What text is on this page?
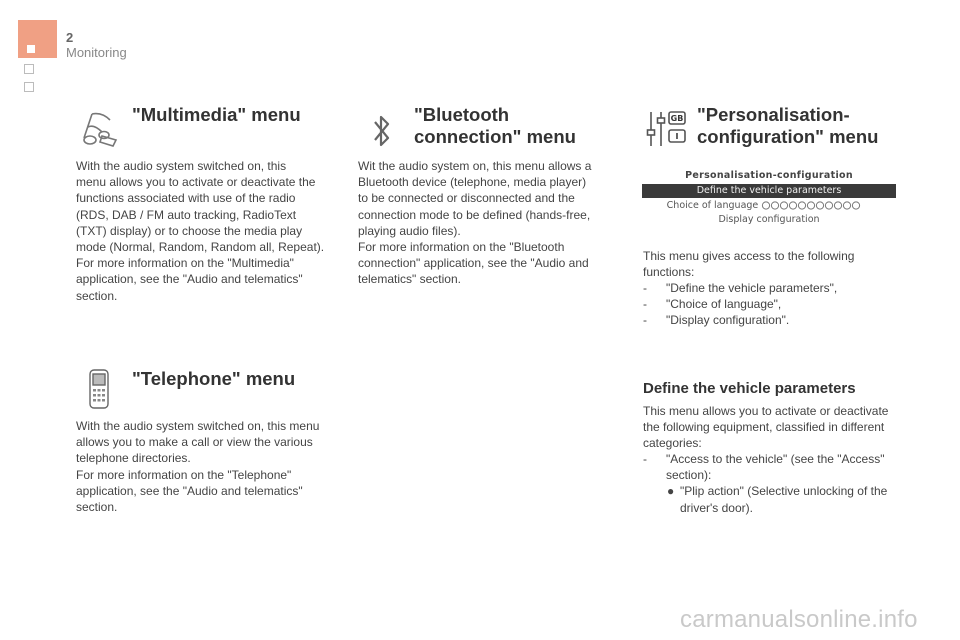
2
Monitoring
"Multimedia" menu

With the audio system switched on, this
menu allows you to activate or deactivate the
functions associated with use of the radio
(RDS, DAB / FM auto tracking, RadioText
(TXT) display) or to choose the media play
mode (Normal, Random, Random all, Repeat).
For more information on the "Multimedia"
application, see the "Audio and telematics"
section.

"Bluetooth
connection" menu

Wit the audio system on, this menu allows a
Bluetooth device (telephone, media player)
to be connected or disconnected and the
connection mode to be defined (hands-free,
playing audio files).
For more information on the "Bluetooth
connection" application, see the "Audio and
telematics" section.

GB
I
"Personalisation-
configuration" menu
Personalisation-configuration
Define the vehicle parameters
Choice of language
Display configuration

This menu gives access to the following
functions:

- "Define the vehicle parameters",
- "Choice of language",
- "Display configuration".
"Telephone" menu

With the audio system switched on, this menu
allows you to make a call or view the various
telephone directories.
For more information on the "Telephone"
application, see the "Audio and telematics"
section.

Define the vehicle parameters

This menu allows you to activate or deactivate
the following equipment, classified in different
categories:

- "Access to the vehicle" (see the "Access"
section):
● "Plip action" (Selective unlocking of the
driver's door).
carmanualsonline.info
